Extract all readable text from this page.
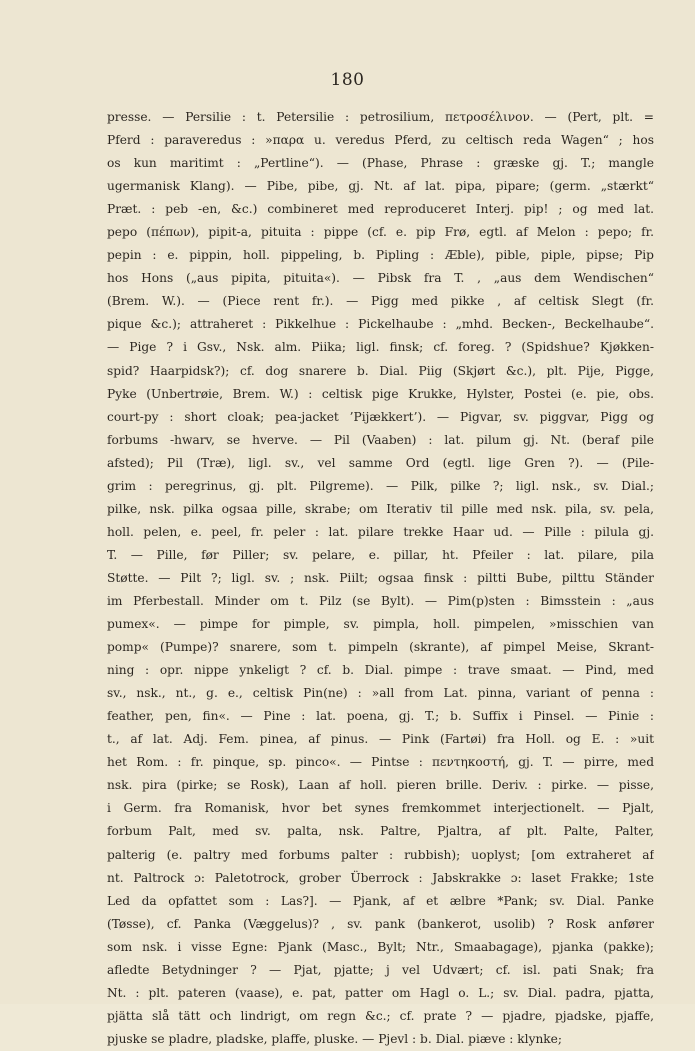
180
presse. — Persilie : t. Petersilie : petrosilium, πετροσέλινον. — (Pert, plt. =
Pferd : paraveredus : »παρα u. veredus Pferd, zu celtisch reda Wagen“ ; hos
os kun maritimt : „Pertline“). — (Phase, Phrase : græske gj. T.; mangle
ugermanisk Klang). — Pibe, pibe, gj. Nt. af lat. pipa, pipare; (germ. „stærkt“
Præt. : peb -en, &c.) combineret med reproduceret Interj. pip! ; og med lat.
pepo (πέπων), pipit-a, pituita : pippe (cf. e. pip Frø, egtl. af Melon : pepo; fr.
pepin : e. pippin, holl. pippeling, b. Pipling : Æble), pible, piple, pipse; Pip
hos Hons („aus pipita, pituita«). — Pibsk fra T. , „aus dem Wendischen“
(Brem. W.). — (Piece rent fr.). — Pigg med pikke , af celtisk Slegt (fr.
pique &c.); attraheret : Pikkelhue : Pickelhaube : „mhd. Becken-, Beckelhaube“.
— Pige ? i Gsv., Nsk. alm. Piika; ligl. finsk; cf. foreg. ? (Spidshue? Kjøkken-
spid? Haarpidsk?); cf. dog snarere b. Dial. Piig (Skjørt &c.), plt. Pije, Pigge,
Pyke (Unbertrøie, Brem. W.) : celtisk pige Krukke, Hylster, Postei (e. pie, obs.
court-py : short cloak; pea-jacket ’Pijækkert’). — Pigvar, sv. piggvar, Pigg og
forbums -hwarv, se hverve. — Pil (Vaaben) : lat. pilum gj. Nt. (beraf pile
afsted); Pil (Træ), ligl. sv., vel samme Ord (egtl. lige Gren ?). — (Pile-
grim : peregrinus, gj. plt. Pilgreme). — Pilk, pilke ?; ligl. nsk., sv. Dial.;
pilke, nsk. pilka ogsaa pille, skrabe; om Iterativ til pille med nsk. pila, sv. pela,
holl. pelen, e. peel, fr. peler : lat. pilare trekke Haar ud. — Pille : pilula gj.
T. — Pille, før Piller; sv. pelare, e. pillar, ht. Pfeiler : lat. pilare, pila
Støtte. — Pilt ?; ligl. sv. ; nsk. Piilt; ogsaa finsk : piltti Bube, pilttu Ständer
im Pferbestall. Minder om t. Pilz (se Bylt). — Pim(p)sten : Bimsstein : „aus
pumex«. — pimpe for pimple, sv. pimpla, holl. pimpelen, »misschien van
pomp« (Pumpe)? snarere, som t. pimpeln (skrante), af pimpel Meise, Skrant-
ning : opr. nippe ynkeligt ? cf. b. Dial. pimpe : trave smaat. — Pind, med
sv., nsk., nt., g. e., celtisk Pin(ne) : »all from Lat. pinna, variant of penna :
feather, pen, fin«. — Pine : lat. poena, gj. T.; b. Suffix i Pinsel. — Pinie :
t., af lat. Adj. Fem. pinea, af pinus. — Pink (Fartøi) fra Holl. og E. : »uit
het Rom. : fr. pinque, sp. pinco«. — Pintse : πεντηκοστή, gj. T. — pirre, med
nsk. pira (pirke; se Rosk), Laan af holl. pieren brille. Deriv. : pirke. — pisse,
i Germ. fra Romanisk, hvor bet synes fremkommet interjectionelt. — Pjalt,
forbum Palt, med sv. palta, nsk. Paltre, Pjaltra, af plt. Palte, Palter,
palterig (e. paltry med forbums palter : rubbish); uoplyst; [om extraheret af
nt. Paltrock ɔ: Paletotrock, grober Überrock : Jabskrakke ɔ: laset Frakke; 1ste
Led da opfattet som : Las?]. — Pjank, af et ælbre *Pank; sv. Dial. Panke
(Tøsse), cf. Panka (Væggelus)? , sv. pank (bankerot, usolib) ? Rosk anfører
som nsk. i visse Egne: Pjank (Masc., Bylt; Ntr., Smaabagage), pjanka (pakke);
afledte Betydninger ? — Pjat, pjatte; j vel Udvært; cf. isl. pati Snak; fra
Nt. : plt. pateren (vaase), e. pat, patter om Hagl o. L.; sv. Dial. padra, pjatta,
pjätta slå tätt och lindrigt, om regn &c.; cf. prate ? — pjadre, pjadske, pjaffe,
pjuske se pladre, pladske, plaffe, pluske. — Pjevl : b. Dial. piæve : klynke;
